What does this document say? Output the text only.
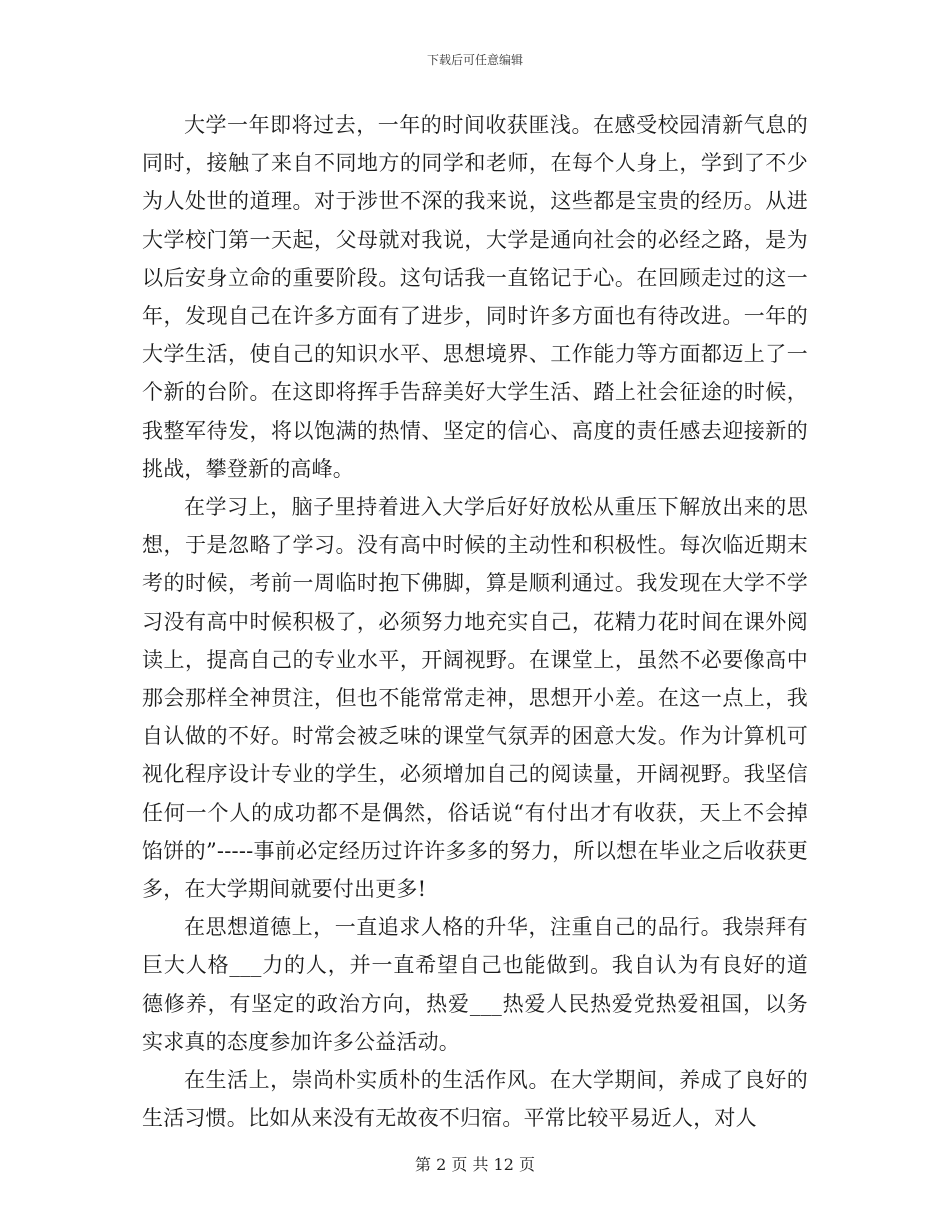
下载后可任意编辑

大学一年即将过去，一年的时间收获匪浅。在感受校园清新气息的同时，接触了来自不同地方的同学和老师，在每个人身上，学到了不少为人处世的道理。对于涉世不深的我来说，这些都是宝贵的经历。从进大学校门第一天起，父母就对我说，大学是通向社会的必经之路，是为以后安身立命的重要阶段。这句话我一直铭记于心。在回顾走过的这一年，发现自己在许多方面有了进步，同时许多方面也有待改进。一年的大学生活，使自己的知识水平、思想境界、工作能力等方面都迈上了一个新的台阶。在这即将挥手告辞美好大学生活、踏上社会征途的时候，我整军待发，将以饱满的热情、坚定的信心、高度的责任感去迎接新的挑战，攀登新的高峰。

在学习上，脑子里持着进入大学后好好放松从重压下解放出来的思想，于是忽略了学习。没有高中时候的主动性和积极性。每次临近期末考的时候，考前一周临时抱下佛脚，算是顺利通过。我发现在大学不学习没有高中时候积极了，必须努力地充实自己，花精力花时间在课外阅读上，提高自己的专业水平，开阔视野。在课堂上，虽然不必要像高中那会那样全神贯注，但也不能常常走神，思想开小差。在这一点上，我自认做的不好。时常会被乏味的课堂气氛弄的困意大发。作为计算机可视化程序设计专业的学生，必须增加自己的阅读量，开阔视野。我坚信任何一个人的成功都不是偶然，俗话说“有付出才有收获，天上不会掉馅饼的”-----事前必定经历过许许多多的努力，所以想在毕业之后收获更多，在大学期间就要付出更多!

在思想道德上，一直追求人格的升华，注重自己的品行。我崇拜有巨大人格___力的人，并一直希望自己也能做到。我自认为有良好的道德修养，有坚定的政治方向，热爱___热爱人民热爱党热爱祖国，以务实求真的态度参加许多公益活动。

在生活上，崇尚朴实质朴的生活作风。在大学期间，养成了良好的生活习惯。比如从来没有无故夜不归宿。平常比较平易近人，对人

第 2 页 共 12 页
